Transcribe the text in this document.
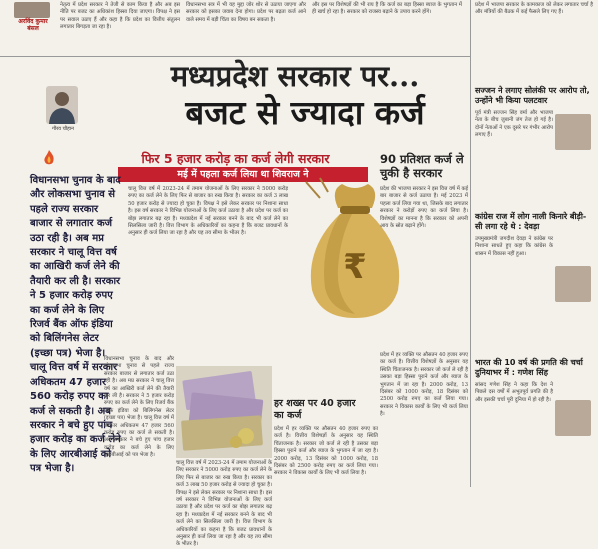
अरविंद कुमार
बंसल
नेतृत्व में प्रदेश सरकार ने तेजी से काम किया है और अब इस नीति पर बजट का अधिकांश हिस्सा दिया जाएगा। विपक्ष ने इस पर सवाल उठाए हैं और कहा है कि प्रदेश का वित्तीय संतुलन लगातार बिगड़ता जा रहा है।
विधानसभा सत्र में भी यह मुद्दा जोर शोर से उठाया जाएगा और सरकार को इसका जवाब देना होगा। प्रदेश पर बढ़ता कर्ज आने वाले समय में बड़ी चिंता का विषय बन सकता है।
और इस पर विशेषज्ञों की भी राय है कि कर्ज का बड़ा हिस्सा ब्याज के भुगतान में ही खर्च हो रहा है। सरकार को राजस्व बढ़ाने के उपाय करने होंगे।
मध्यप्रदेश सरकार पर...
बजट से ज्यादा कर्ज
गौरव चौहान
फिर 5 हजार करोड़ का कर्ज लेगी सरकार
मई में पहला कर्ज लिया था शिवराज ने
90 प्रतिशत कर्ज ले चुकी है सरकार
विधानसभा चुनाव के बाद और लोकसभा चुनाव से पहले राज्य सरकार बाजार से लगातार कर्ज उठा रही है। अब मप्र सरकार ने चालू वित्त वर्ष का आखिरी कर्ज लेने की तैयारी कर ली है। सरकार ने 5 हजार करोड़ रुपए का कर्ज लेने के लिए रिजर्व बैंक ऑफ इंडिया को बिलिंगनेस लेटर (इच्छा पत्र) भेजा है। चालू वित्त वर्ष में सरकार अधिकतम 47 हजार 560 करोड़ रुपए का कर्ज ले सकती है। अब सरकार ने बचे हुए पांच हजार करोड़ का कर्ज लेने के लिए आरबीआई को पत्र भेजा है।
चालू वित्त वर्ष में 2023-24 में तमाम योजनाओं के लिए सरकार ने 5000 करोड़ रुपए का कर्ज लेने के लिए फिर से बाजार का रुख किया है। सरकार का कर्ज 3 लाख 50 हजार करोड़ से ज्यादा हो चुका है। विपक्ष ने इसे लेकर सरकार पर निशाना साधा है। इस वर्ष सरकार ने विभिन्न योजनाओं के लिए कर्ज उठाया है और प्रदेश पर कर्ज का बोझ लगातार बढ़ रहा है। मध्यप्रदेश में नई सरकार बनने के बाद भी कर्ज लेने का सिलसिला जारी है। वित्त विभाग के अधिकारियों का कहना है कि बजट प्रावधानों के अनुसार ही कर्ज लिया जा रहा है और यह तय सीमा के भीतर है।
₹
प्रदेश की भाजपा सरकार ने इस वित्त वर्ष में कई बार बाजार से कर्ज उठाया है। मई 2023 में पहला कर्ज लिया गया था, जिसके बाद लगातार सरकार ने करोड़ों रुपए का कर्ज लिया है। विशेषज्ञों का मानना है कि सरकार को अपनी आय के स्रोत बढ़ाने होंगे।
विधानसभा चुनाव के बाद और लोकसभा चुनाव से पहले राज्य सरकार बाजार से लगातार कर्ज उठा रही है। अब मप्र सरकार ने चालू वित्त वर्ष का आखिरी कर्ज लेने की तैयारी कर ली है। सरकार ने 5 हजार करोड़ रुपए का कर्ज लेने के लिए रिजर्व बैंक ऑफ इंडिया को बिलिंगनेस लेटर (इच्छा पत्र) भेजा है। चालू वित्त वर्ष में सरकार अधिकतम 47 हजार 560 करोड़ रुपए का कर्ज ले सकती है। अब सरकार ने बचे हुए पांच हजार करोड़ का कर्ज लेने के लिए आरबीआई को पत्र भेजा है।
हर शख्स पर 40 हजार का कर्ज
प्रदेश में हर व्यक्ति पर औसतन 40 हजार रुपए का कर्ज है। वित्तीय विशेषज्ञों के अनुसार यह स्थिति चिंताजनक है। सरकार जो कर्ज ले रही है उसका बड़ा हिस्सा पुराने कर्ज और ब्याज के भुगतान में जा रहा है। 2000 करोड़, 13 दिसंबर को 1000 करोड़, 18 दिसंबर को 2500 करोड़ रुपए का कर्ज लिया गया। सरकार ने विकास कार्यों के लिए भी कर्ज लिया है।
प्रदेश में हर व्यक्ति पर औसतन 40 हजार रुपए का कर्ज है। वित्तीय विशेषज्ञों के अनुसार यह स्थिति चिंताजनक है। सरकार जो कर्ज ले रही है उसका बड़ा हिस्सा पुराने कर्ज और ब्याज के भुगतान में जा रहा है। 2000 करोड़, 13 दिसंबर को 1000 करोड़, 18 दिसंबर को 2500 करोड़ रुपए का कर्ज लिया गया। सरकार ने विकास कार्यों के लिए भी कर्ज लिया है।
चालू वित्त वर्ष में 2023-24 में तमाम योजनाओं के लिए सरकार ने 5000 करोड़ रुपए का कर्ज लेने के लिए फिर से बाजार का रुख किया है। सरकार का कर्ज 3 लाख 50 हजार करोड़ से ज्यादा हो चुका है। विपक्ष ने इसे लेकर सरकार पर निशाना साधा है। इस वर्ष सरकार ने विभिन्न योजनाओं के लिए कर्ज उठाया है और प्रदेश पर कर्ज का बोझ लगातार बढ़ रहा है। मध्यप्रदेश में नई सरकार बनने के बाद भी कर्ज लेने का सिलसिला जारी है। वित्त विभाग के अधिकारियों का कहना है कि बजट प्रावधानों के अनुसार ही कर्ज लिया जा रहा है और यह तय सीमा के भीतर है।
प्रदेश में भाजपा सरकार के कामकाज को लेकर लगातार चर्चा है और मंत्रियों की बैठक में कई फैसले लिए गए हैं।
सज्जन ने लगाए सोलंकी पर आरोप तो, उन्होंने भी किया पलटवार
पूर्व मंत्री सज्जन सिंह वर्मा और भाजपा नेता के बीच जुबानी जंग तेज हो गई है। दोनों नेताओं ने एक दूसरे पर गंभीर आरोप लगाए हैं।
कांग्रेस राज में लोग नाली किनारे बीड़ी-सी लगा रहे थे : देवड़ा
उपमुख्यमंत्री जगदीश देवड़ा ने कांग्रेस पर निशाना साधते हुए कहा कि कांग्रेस के शासन में विकास नहीं हुआ।
भारत की 10 वर्ष की प्रगति की चर्चा दुनियाभर में : गणेश सिंह
सांसद गणेश सिंह ने कहा कि देश ने पिछले दस वर्षों में अभूतपूर्व प्रगति की है और इसकी चर्चा पूरी दुनिया में हो रही है।
